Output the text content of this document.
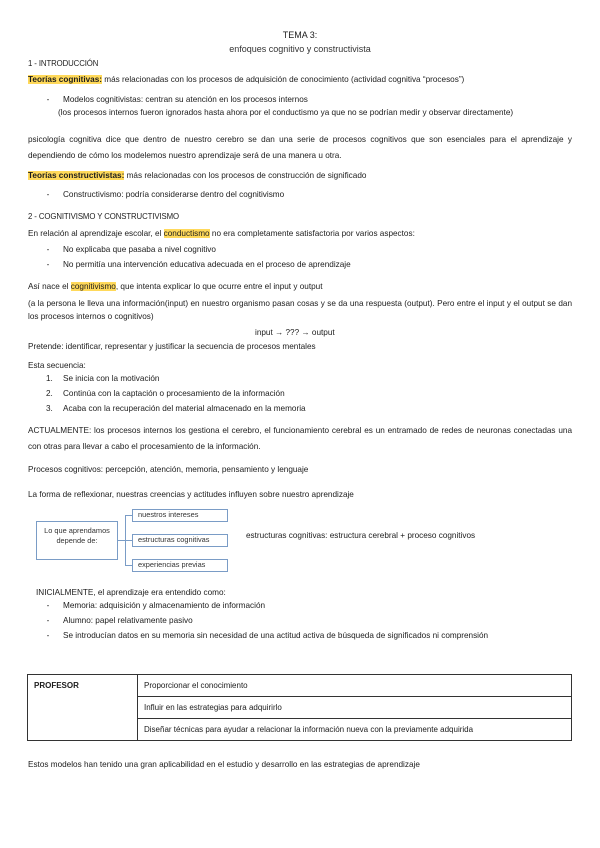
TEMA 3:
enfoques cognitivo y constructivista
1 - INTRODUCCIÓN
Teorías cognitivas: más relacionadas con los procesos de adquisición de conocimiento (actividad cognitiva “procesos”)
-	Modelos cognitivistas: centran su atención en los procesos internos
(los procesos internos fueron ignorados hasta ahora por el conductismo ya que no se podrían medir y observar directamente)
psicología cognitiva dice que dentro de nuestro cerebro se dan una serie de procesos cognitivos que son esenciales para el aprendizaje y dependiendo de cómo los modelemos nuestro aprendizaje será de una manera u otra.
Teorías constructivistas: más relacionadas con los procesos de construcción de significado
-	Constructivismo: podría considerarse dentro del cognitivismo
2 - COGNITIVISMO Y CONSTRUCTIVISMO
En relación al aprendizaje escolar, el conductismo no era completamente satisfactoria por varios aspectos:
-	No explicaba que pasaba a nivel cognitivo
-	No permitía una intervención educativa adecuada en el proceso de aprendizaje
Así nace el cognitivismo, que intenta explicar lo que ocurre entre el input y output
(a la persona le lleva una información(input) en nuestro organismo pasan cosas y se da una respuesta (output). Pero entre el input y el output se dan los procesos internos o cognitivos)
input → ??? → output
Pretende: identificar, representar y justificar la secuencia de procesos mentales
Esta secuencia:
1. Se inicia con la motivación
2. Continúa con la captación o procesamiento de la información
3. Acaba con la recuperación del material almacenado en la memoria
ACTUALMENTE: los procesos internos los gestiona el cerebro, el funcionamiento cerebral es un entramado de redes de neuronas conectadas una con otras para llevar a cabo el procesamiento de la información.
Procesos cognitivos: percepción, atención, memoria, pensamiento y lenguaje
La forma de reflexionar, nuestras creencias y actitudes influyen sobre nuestro aprendizaje
Lo que aprendamos depende de:
nuestros intereses
estructuras cognitivas
experiencias previas
estructuras cognitivas: estructura cerebral + proceso cognitivos
INICIALMENTE, el aprendizaje era entendido como:
-	Memoria: adquisición y almacenamiento de información
-	Alumno: papel relativamente pasivo
-	Se introducían datos en su memoria sin necesidad de una actitud activa de búsqueda de significados ni comprensión
PROFESOR	Proporcionar el conocimiento
Influir en las estrategias para adquirirlo
Diseñar técnicas para ayudar a relacionar la información nueva con la previamente adquirida
Estos modelos han tenido una gran aplicabilidad en el estudio y desarrollo en las estrategias de aprendizaje
